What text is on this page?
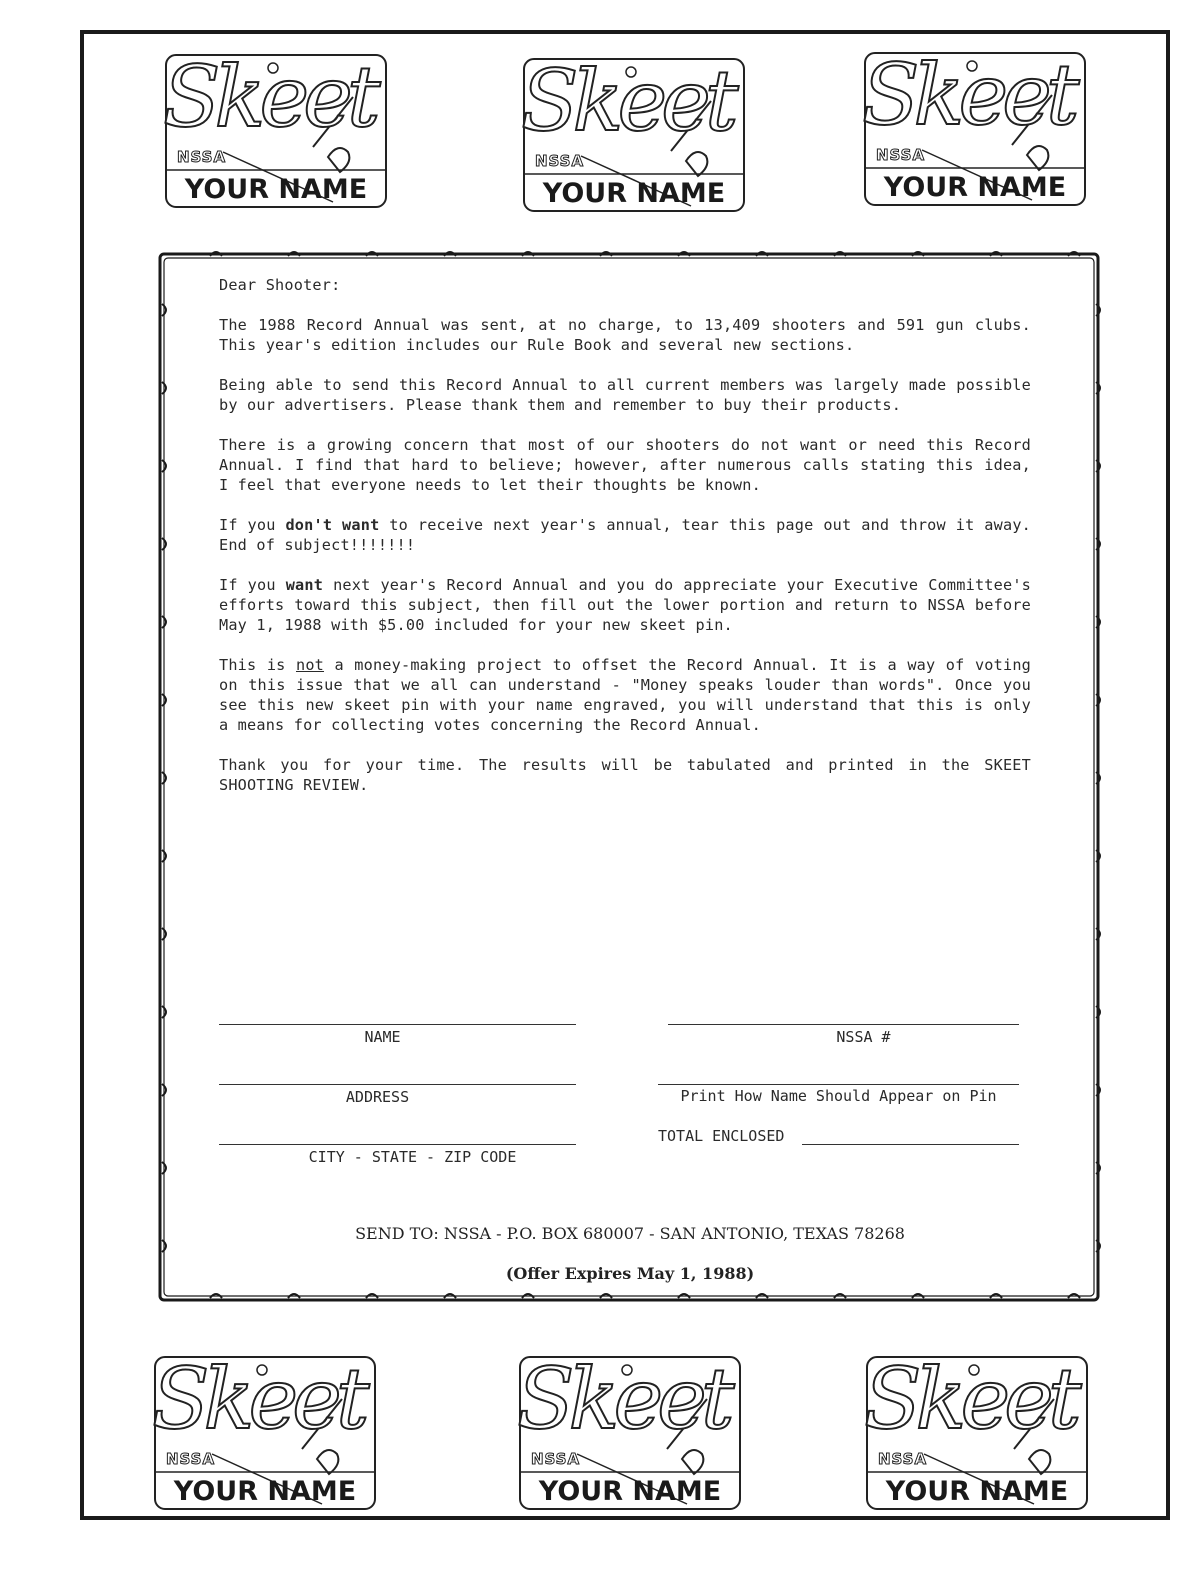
Skeet
NSSA
YOUR NAME
Skeet
NSSA
YOUR NAME
Skeet
NSSA
YOUR NAME
Skeet
NSSA
YOUR NAME
Skeet
NSSA
YOUR NAME
Skeet
NSSA
YOUR NAME

Dear Shooter:

The 1988 Record Annual was sent, at no charge, to 13,409 shooters and 591 gun clubs. This year's edition includes our Rule Book and several new sections.

Being able to send this Record Annual to all current members was largely made possible by our advertisers. Please thank them and remember to buy their products.

There is a growing concern that most of our shooters do not want or need this Record Annual. I find that hard to believe; however, after numerous calls stating this idea, I feel that everyone needs to let their thoughts be known.

If you don't want to receive next year's annual, tear this page out and throw it away. End of subject!!!!!!!

If you want next year's Record Annual and you do appreciate your Executive Committee's efforts toward this subject, then fill out the lower portion and return to NSSA before May 1, 1988 with $5.00 included for your new skeet pin.

This is not a money-making project to offset the Record Annual. It is a way of voting on this issue that we all can understand - "Money speaks louder than words". Once you see this new skeet pin with your name engraved, you will understand that this is only a means for collecting votes concerning the Record Annual.

Thank you for your time. The results will be tabulated and printed in the SKEET SHOOTING REVIEW.

NAME	NSSA #
ADDRESS	Print How Name Should Appear on Pin
CITY - STATE - ZIP CODE
TOTAL ENCLOSED
SEND TO: NSSA - P.O. BOX 680007 - SAN ANTONIO, TEXAS 78268
(Offer Expires May 1, 1988)
